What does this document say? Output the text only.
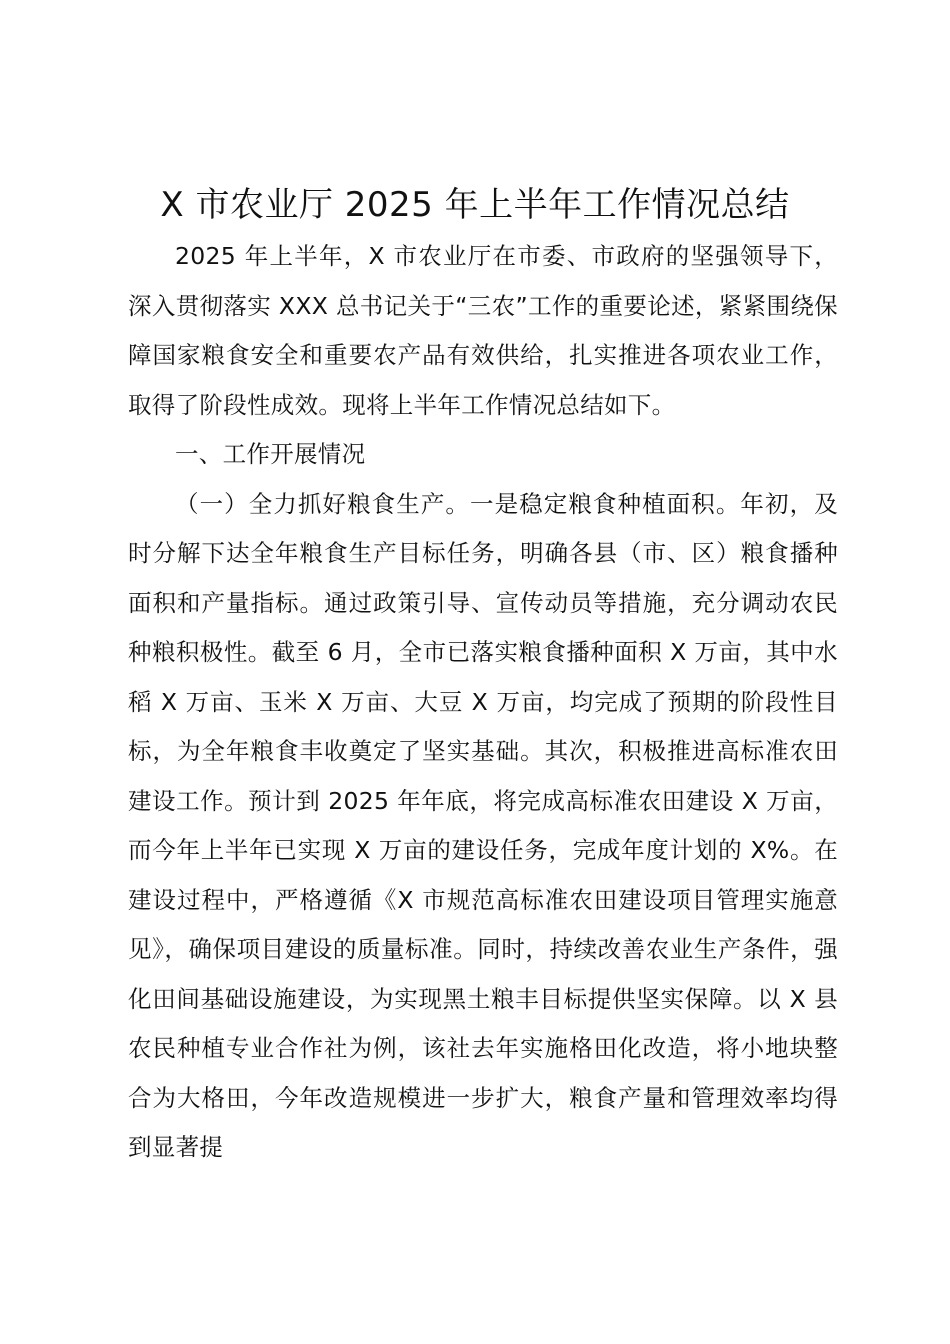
X 市农业厅 2025 年上半年工作情况总结

2025 年上半年，X 市农业厅在市委、市政府的坚强领导下，深入贯彻落实 XXX 总书记关于“三农”工作的重要论述，紧紧围绕保障国家粮食安全和重要农产品有效供给，扎实推进各项农业工作，取得了阶段性成效。现将上半年工作情况总结如下。

一、工作开展情况

（一）全力抓好粮食生产。一是稳定粮食种植面积。年初，及时分解下达全年粮食生产目标任务，明确各县（市、区）粮食播种面积和产量指标。通过政策引导、宣传动员等措施，充分调动农民种粮积极性。截至 6 月，全市已落实粮食播种面积 X 万亩，其中水稻 X 万亩、玉米 X 万亩、大豆 X 万亩，均完成了预期的阶段性目标，为全年粮食丰收奠定了坚实基础。其次，积极推进高标准农田建设工作。预计到 2025 年年底，将完成高标准农田建设 X 万亩，而今年上半年已实现 X 万亩的建设任务，完成年度计划的 X%。在建设过程中，严格遵循《X 市规范高标准农田建设项目管理实施意见》，确保项目建设的质量标准。同时，持续改善农业生产条件，强化田间基础设施建设，为实现黑土粮丰目标提供坚实保障。以 X 县农民种植专业合作社为例，该社去年实施格田化改造，将小地块整合为大格田，今年改造规模进一步扩大，粮食产量和管理效率均得到显著提
